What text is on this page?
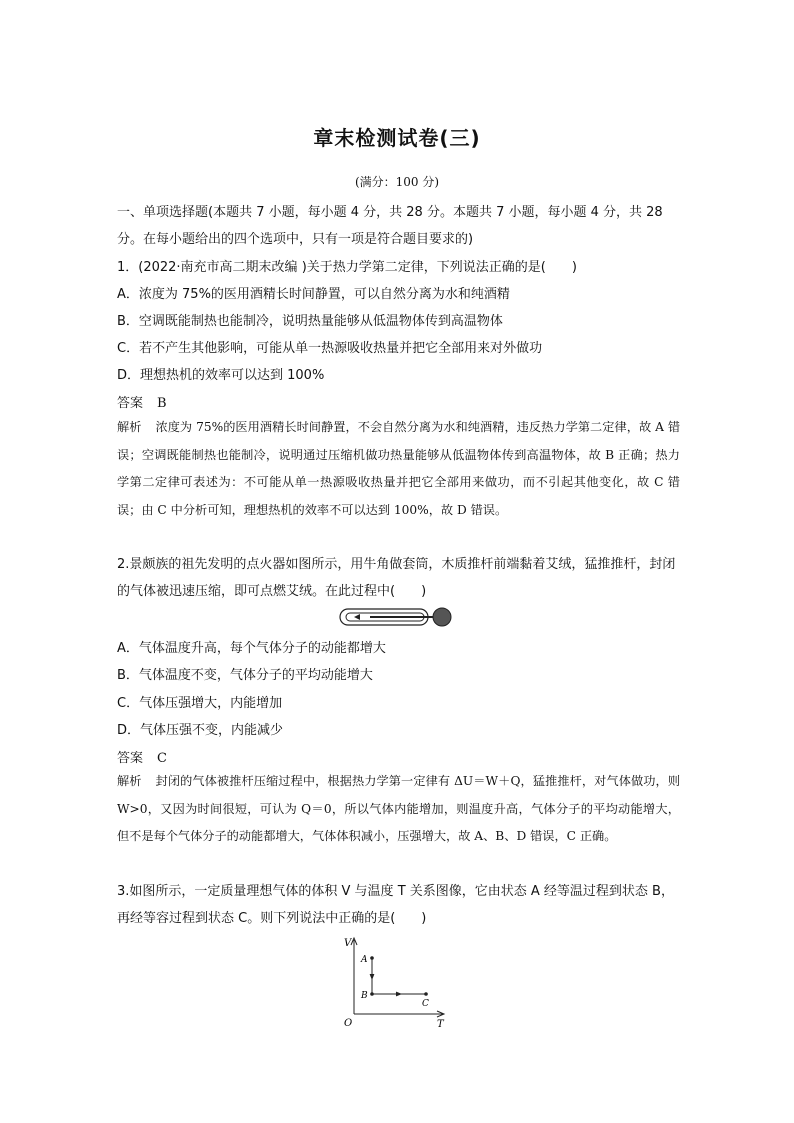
章末检测试卷(三)
(满分：100 分)
一、单项选择题(本题共 7 小题，每小题 4 分，共 28 分。本题共 7 小题，每小题 4 分，共 28 分。在每小题给出的四个选项中，只有一项是符合题目要求的)
1．(2022·南充市高二期末改编 )关于热力学第二定律，下列说法正确的是(　　)
A．浓度为 75%的医用酒精长时间静置，可以自然分离为水和纯酒精
B．空调既能制热也能制冷，说明热量能够从低温物体传到高温物体
C．若不产生其他影响，可能从单一热源吸收热量并把它全部用来对外做功
D．理想热机的效率可以达到 100%
答案 B
解析 浓度为 75%的医用酒精长时间静置，不会自然分离为水和纯酒精，违反热力学第二定律，故 A 错误；空调既能制热也能制冷，说明通过压缩机做功热量能够从低温物体传到高温物体，故 B 正确；热力学第二定律可表述为：不可能从单一热源吸收热量并把它全部用来做功，而不引起其他变化，故 C 错误；由 C 中分析可知，理想热机的效率不可以达到 100%，故 D 错误。
2.景颇族的祖先发明的点火器如图所示，用牛角做套筒，木质推杆前端黏着艾绒，猛推推杆，封闭的气体被迅速压缩，即可点燃艾绒。在此过程中(　　)
A．气体温度升高，每个气体分子的动能都增大
B．气体温度不变，气体分子的平均动能增大
C．气体压强增大，内能增加
D．气体压强不变，内能减少
答案 C
解析 封闭的气体被推杆压缩过程中，根据热力学第一定律有 ΔU＝W＋Q，猛推推杆，对气体做功，则 W>0，又因为时间很短，可认为 Q＝0，所以气体内能增加，则温度升高，气体分子的平均动能增大，但不是每个气体分子的动能都增大，气体体积减小，压强增大，故 A、B、D 错误，C 正确。
3.如图所示，一定质量理想气体的体积 V 与温度 T 关系图像，它由状态 A 经等温过程到状态 B，再经等容过程到状态 C。则下列说法中正确的是(　　)
V
T
O
A
B
C
